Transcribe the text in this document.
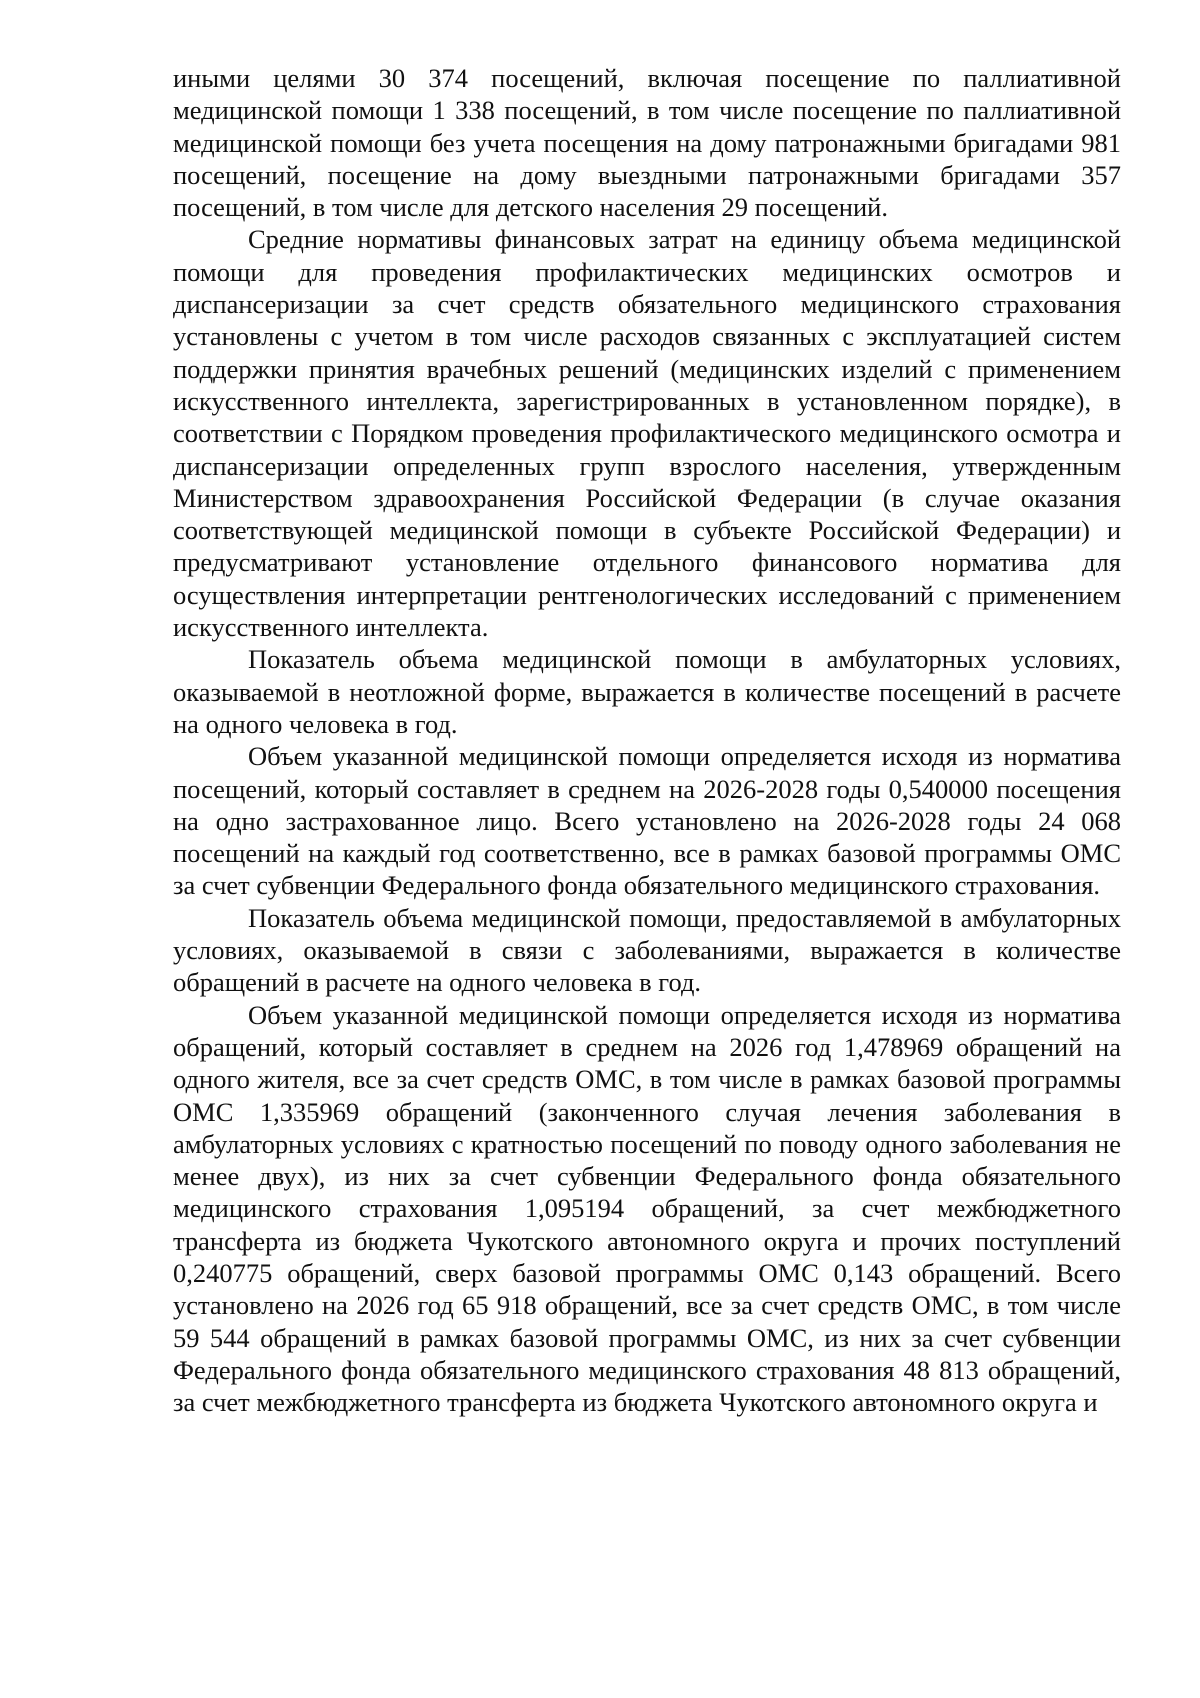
иными целями 30 374 посещений, включая посещение по паллиативной медицинской помощи 1 338 посещений, в том числе посещение по паллиативной медицинской помощи без учета посещения на дому патронажными бригадами 981 посещений, посещение на дому выездными патронажными бригадами 357 посещений, в том числе для детского населения 29 посещений.

Средние нормативы финансовых затрат на единицу объема медицинской помощи для проведения профилактических медицинских осмотров и диспансеризации за счет средств обязательного медицинского страхования установлены с учетом в том числе расходов связанных с эксплуатацией систем поддержки принятия врачебных решений (медицинских изделий с применением искусственного интеллекта, зарегистрированных в установленном порядке), в соответствии с Порядком проведения профилактического медицинского осмотра и диспансеризации определенных групп взрослого населения, утвержденным Министерством здравоохранения Российской Федерации (в случае оказания соответствующей медицинской помощи в субъекте Российской Федерации) и предусматривают установление отдельного финансового норматива для осуществления интерпретации рентгенологических исследований с применением искусственного интеллекта.

Показатель объема медицинской помощи в амбулаторных условиях, оказываемой в неотложной форме, выражается в количестве посещений в расчете на одного человека в год.

Объем указанной медицинской помощи определяется исходя из норматива посещений, который составляет в среднем на 2026-2028 годы 0,540000 посещения на одно застрахованное лицо. Всего установлено на 2026-2028 годы 24 068 посещений на каждый год соответственно, все в рамках базовой программы ОМС за счет субвенции Федерального фонда обязательного медицинского страхования.

Показатель объема медицинской помощи, предоставляемой в амбулаторных условиях, оказываемой в связи с заболеваниями, выражается в количестве обращений в расчете на одного человека в год.

Объем указанной медицинской помощи определяется исходя из норматива обращений, который составляет в среднем на 2026 год 1,478969 обращений на одного жителя, все за счет средств ОМС, в том числе в рамках базовой программы ОМС 1,335969 обращений (законченного случая лечения заболевания в амбулаторных условиях с кратностью посещений по поводу одного заболевания не менее двух), из них за счет субвенции Федерального фонда обязательного медицинского страхования 1,095194 обращений, за счет межбюджетного трансферта из бюджета Чукотского автономного округа и прочих поступлений 0,240775 обращений, сверх базовой программы ОМС 0,143 обращений. Всего установлено на 2026 год 65 918 обращений, все за счет средств ОМС, в том числе 59 544 обращений в рамках базовой программы ОМС, из них за счет субвенции Федерального фонда обязательного медицинского страхования 48 813 обращений, за счет межбюджетного трансферта из бюджета Чукотского автономного округа и
